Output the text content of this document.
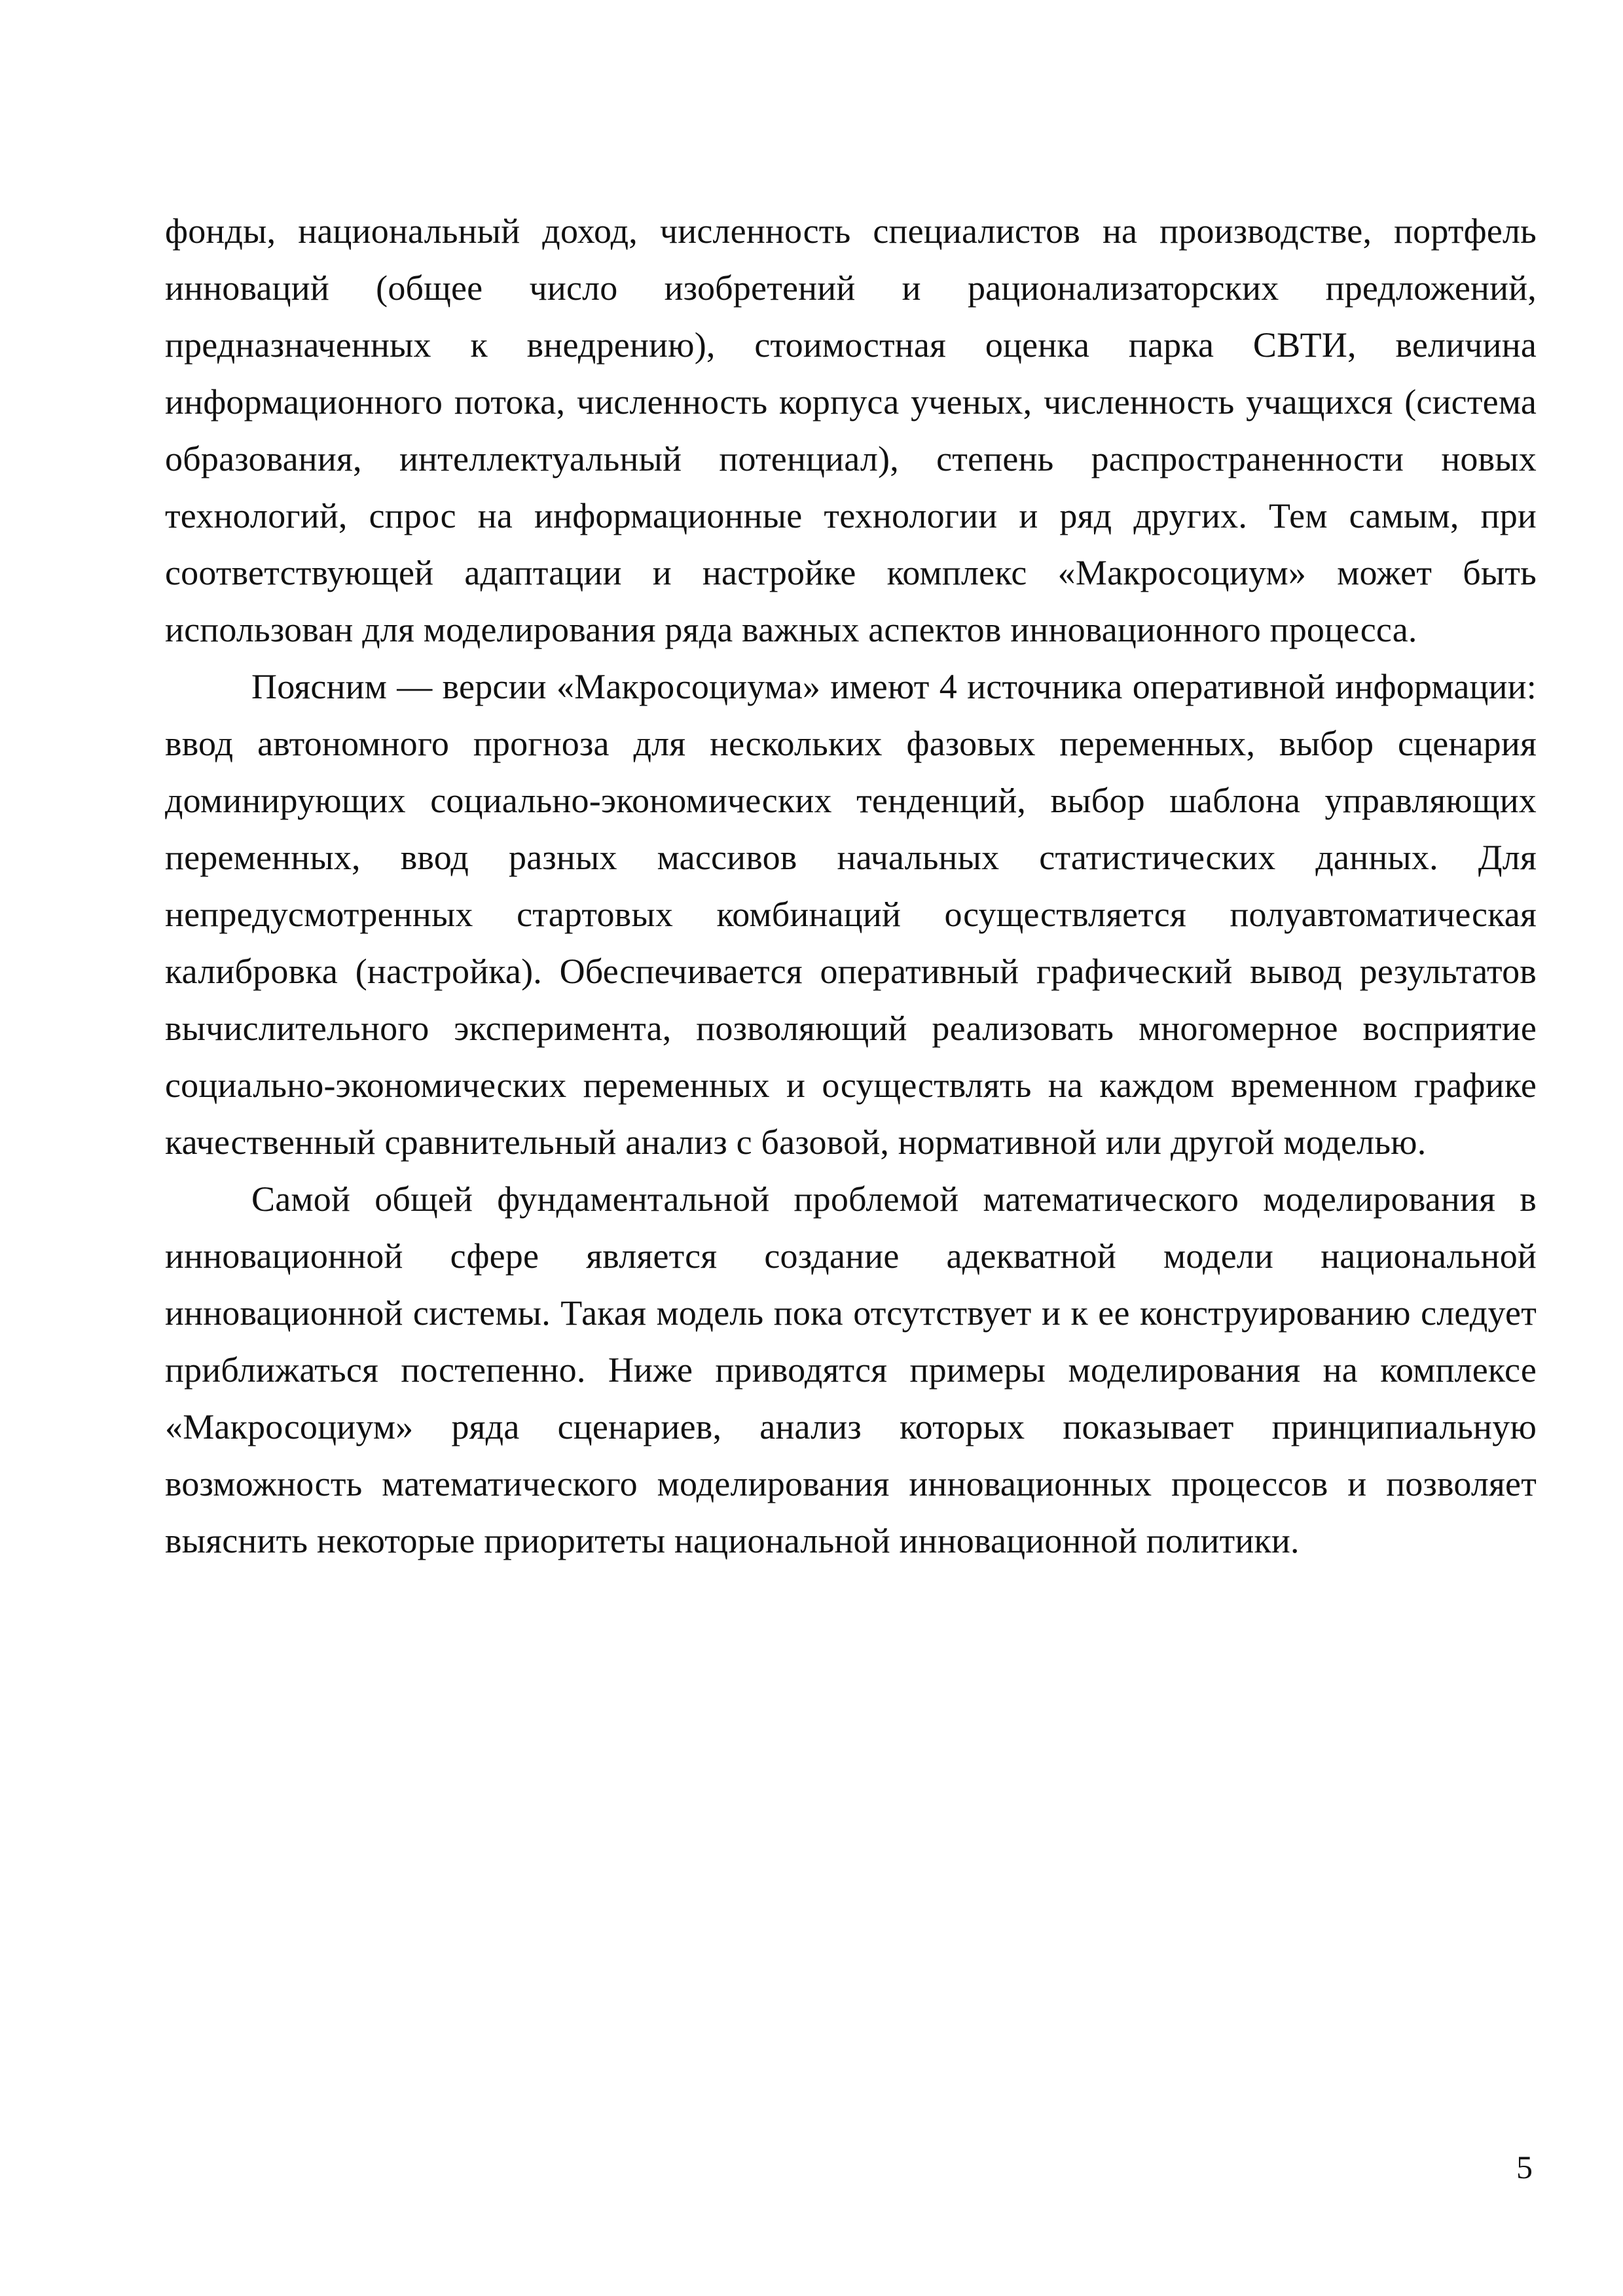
фонды, национальный доход, численность специалистов на производстве, портфель инноваций (общее число изобретений и рационализаторских предложений, предназначенных к внедрению), стоимостная оценка парка СВТИ, величина информационного потока, численность корпуса ученых, численность учащихся (система образования, интеллектуальный потенциал), степень распространенности новых технологий, спрос на информационные технологии и ряд других. Тем самым, при соответствующей адаптации и настройке комплекс «Макросоциум» может быть использован для моделирования ряда важных аспектов инновационного процесса.

Поясним — версии «Макросоциума» имеют 4 источника оперативной информации: ввод автономного прогноза для нескольких фазовых переменных, выбор сценария доминирующих социально-экономических тенденций, выбор шаблона управляющих переменных, ввод разных массивов начальных статистических данных. Для непредусмотренных стартовых комбинаций осуществляется полуавтоматическая калибровка (настройка). Обеспечивается оперативный графический вывод результатов вычислительного эксперимента, позволяющий реализовать многомерное восприятие социально-экономических переменных и осуществлять на каждом временном графике качественный сравнительный анализ с базовой, нормативной или другой моделью.

Самой общей фундаментальной проблемой математического моделирования в инновационной сфере является создание адекватной модели национальной инновационной системы. Такая модель пока отсутствует и к ее конструированию следует приближаться постепенно. Ниже приводятся примеры моделирования на комплексе «Макросоциум» ряда сценариев, анализ которых показывает принципиальную возможность математического моделирования инновационных процессов и позволяет выяснить некоторые приоритеты национальной инновационной политики.

5
